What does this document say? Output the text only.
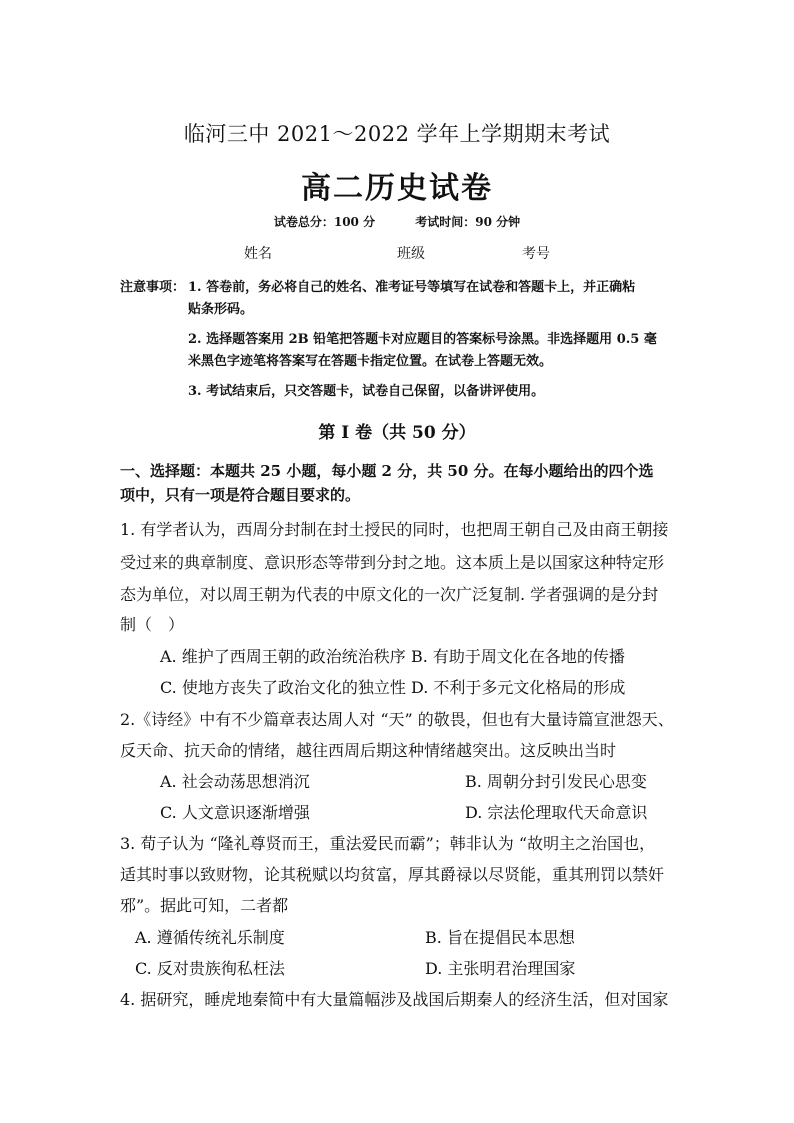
临河三中 2021～2022 学年上学期期末考试
高二历史试卷
试卷总分：100 分	考试时间：90 分钟
姓名	班级	考号
注意事项： 1. 答卷前，务必将自己的姓名、准考证号等填写在试卷和答题卡上，并正确粘
贴条形码。
2. 选择题答案用 2B 铅笔把答题卡对应题目的答案标号涂黑。非选择题用 0.5 毫
米黑色字迹笔将答案写在答题卡指定位置。在试卷上答题无效。
3. 考试结束后，只交答题卡，试卷自己保留，以备讲评使用。
第 Ⅰ 卷（共 50 分）
一、选择题：本题共 25 小题，每小题 2 分，共 50 分。在每小题给出的四个选
项中，只有一项是符合题目要求的。
1. 有学者认为，西周分封制在封土授民的同时，也把周王朝自己及由商王朝接
受过来的典章制度、意识形态等带到分封之地。这本质上是以国家这种特定形
态为单位，对以周王朝为代表的中原文化的一次广泛复制. 学者强调的是分封
制（　）
A. 维护了西周王朝的政治统治秩序 B. 有助于周文化在各地的传播
C. 使地方丧失了政治文化的独立性 D. 不利于多元文化格局的形成
2.《诗经》中有不少篇章表达周人对 “天” 的敬畏，但也有大量诗篇宣泄怨天、
反天命、抗天命的情绪，越往西周后期这种情绪越突出。这反映出当时
A. 社会动荡思想消沉	B. 周朝分封引发民心思变
C. 人文意识逐渐增强	D. 宗法伦理取代天命意识
3. 荀子认为 “隆礼尊贤而王，重法爱民而霸”；韩非认为 “故明主之治国也，
适其时事以致财物，论其税赋以均贫富，厚其爵禄以尽贤能，重其刑罚以禁奸
邪”。据此可知，二者都
A. 遵循传统礼乐制度	B. 旨在提倡民本思想
C. 反对贵族徇私枉法	D. 主张明君治理国家
4. 据研究，睡虎地秦简中有大量篇幅涉及战国后期秦人的经济生活，但对国家
